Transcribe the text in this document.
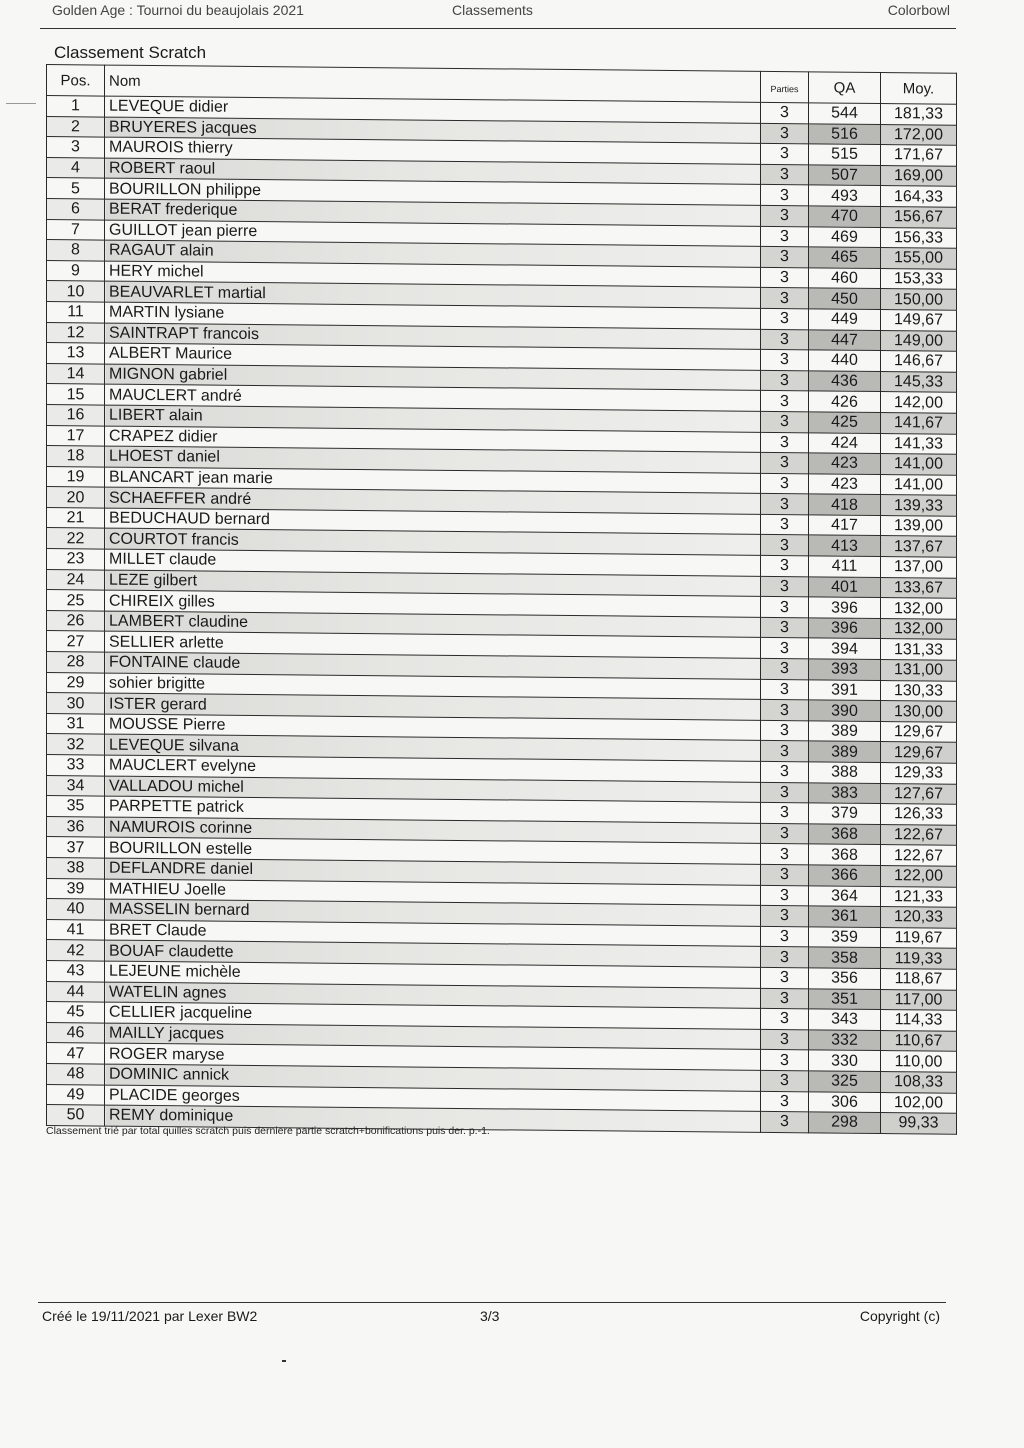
Golden Age : Tournoi du beaujolais 2021	Classements	Colorbowl
Classement Scratch
Pos.	Nom	Parties	QA	Moy.
1	LEVEQUE didier	3	544	181,33
2	BRUYERES jacques	3	516	172,00
3	MAUROIS thierry	3	515	171,67
4	ROBERT raoul	3	507	169,00
5	BOURILLON philippe	3	493	164,33
6	BERAT frederique	3	470	156,67
7	GUILLOT jean pierre	3	469	156,33
8	RAGAUT alain	3	465	155,00
9	HERY michel	3	460	153,33
10	BEAUVARLET martial	3	450	150,00
11	MARTIN lysiane	3	449	149,67
12	SAINTRAPT francois	3	447	149,00
13	ALBERT Maurice	3	440	146,67
14	MIGNON gabriel	3	436	145,33
15	MAUCLERT andré	3	426	142,00
16	LIBERT alain	3	425	141,67
17	CRAPEZ didier	3	424	141,33
18	LHOEST daniel	3	423	141,00
19	BLANCART jean marie	3	423	141,00
20	SCHAEFFER andré	3	418	139,33
21	BEDUCHAUD bernard	3	417	139,00
22	COURTOT francis	3	413	137,67
23	MILLET claude	3	411	137,00
24	LEZE gilbert	3	401	133,67
25	CHIREIX gilles	3	396	132,00
26	LAMBERT claudine	3	396	132,00
27	SELLIER arlette	3	394	131,33
28	FONTAINE claude	3	393	131,00
29	sohier brigitte	3	391	130,33
30	ISTER gerard	3	390	130,00
31	MOUSSE Pierre	3	389	129,67
32	LEVEQUE silvana	3	389	129,67
33	MAUCLERT evelyne	3	388	129,33
34	VALLADOU michel	3	383	127,67
35	PARPETTE patrick	3	379	126,33
36	NAMUROIS corinne	3	368	122,67
37	BOURILLON estelle	3	368	122,67
38	DEFLANDRE daniel	3	366	122,00
39	MATHIEU Joelle	3	364	121,33
40	MASSELIN bernard	3	361	120,33
41	BRET Claude	3	359	119,67
42	BOUAF claudette	3	358	119,33
43	LEJEUNE michèle	3	356	118,67
44	WATELIN agnes	3	351	117,00
45	CELLIER jacqueline	3	343	114,33
46	MAILLY jacques	3	332	110,67
47	ROGER maryse	3	330	110,00
48	DOMINIC annick	3	325	108,33
49	PLACIDE georges	3	306	102,00
50	REMY dominique	3	298	99,33
Classement trié par total quilles scratch puis derniere partie scratch+bonifications puis der. p.-1.
Créé le 19/11/2021 par Lexer BW2	3/3	Copyright (c)
